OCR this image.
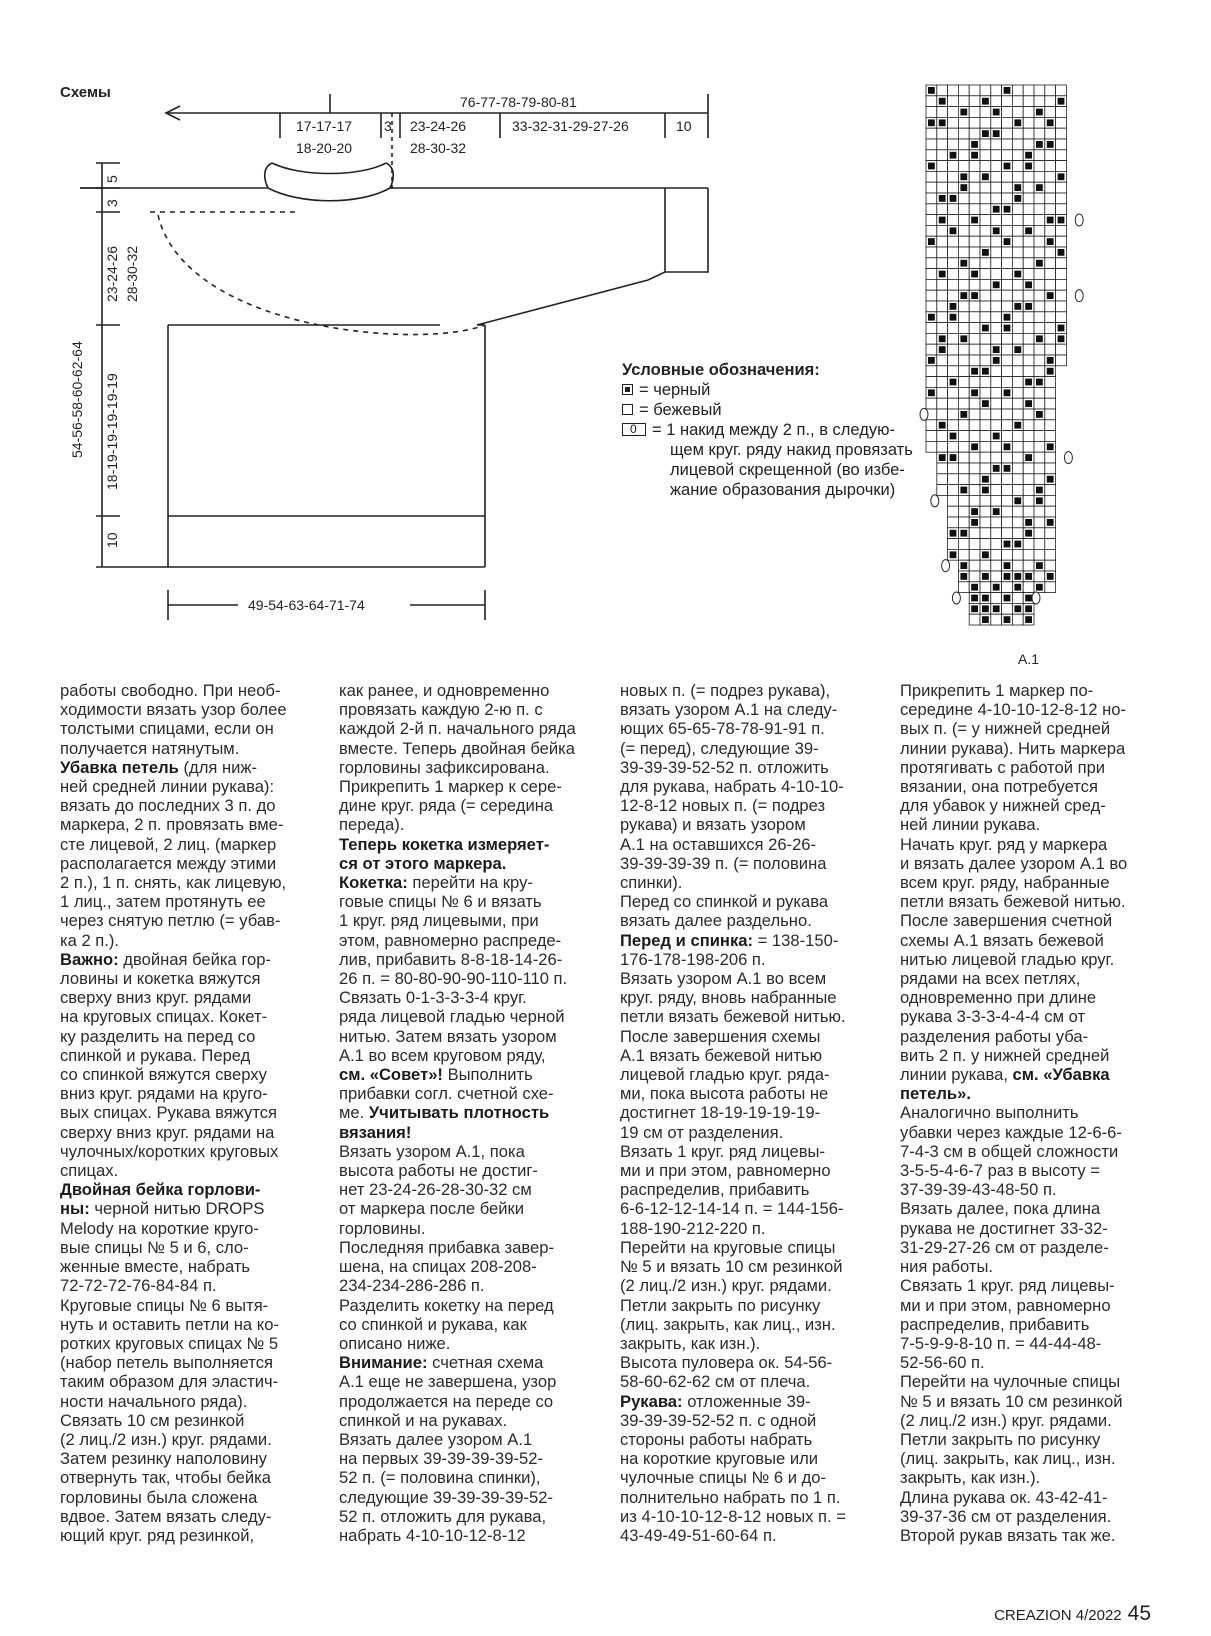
Схемы
76-77-78-79-80-81
17-17-17
18-20-20
3 23-24-26
28-30-32
33-32-31-29-27-26	10
5
3
23-24-26 28-30-32
18-19-19-19-19-19
10
54-56-58-60-62-64
49-54-63-64-71-74
A.1
Условные обозначения:
= черный
= бежевый
0 = 1 накид между 2 п., в следую-
щем круг. ряду накид провязать
лицевой скрещенной (во избе-
жание образования дырочки)

работы свободно. При необ-

ходимости вязать узор более

толстыми спицами, если он

получается натянутым.

Убавка петель (для ниж-

ней средней линии рукава):

вязать до последних 3 п. до

маркера, 2 п. провязать вме-

сте лицевой, 2 лиц. (маркер

располагается между этими

2 п.), 1 п. снять, как лицевую,

1 лиц., затем протянуть ее

через снятую петлю (= убав-

ка 2 п.).

Важно: двойная бейка гор-

ловины и кокетка вяжутся

сверху вниз круг. рядами

на круговых спицах. Кокет-

ку разделить на перед со

спинкой и рукава. Перед

со спинкой вяжутся сверху

вниз круг. рядами на круго-

вых спицах. Рукава вяжутся

сверху вниз круг. рядами на

чулочных/коротких круговых

спицах.

Двойная бейка горлови-

ны: черной нитью DROPS

Melody на короткие круго-

вые спицы № 5 и 6, сло-

женные вместе, набрать

72-72-72-76-84-84 п.

Круговые спицы № 6 вытя-

нуть и оставить петли на ко-

ротких круговых спицах № 5

(набор петель выполняется

таким образом для эластич-

ности начального ряда).

Связать 10 см резинкой

(2 лиц./2 изн.) круг. рядами.

Затем резинку наполовину

отвернуть так, чтобы бейка

горловины была сложена

вдвое. Затем вязать следу-

ющий круг. ряд резинкой,

как ранее, и одновременно

провязать каждую 2-ю п. с

каждой 2-й п. начального ряда

вместе. Теперь двойная бейка

горловины зафиксирована.

Прикрепить 1 маркер к сере-

дине круг. ряда (= середина

переда).

Теперь кокетка измеряет-

ся от этого маркера.

Кокетка: перейти на кру-

говые спицы № 6 и вязать

1 круг. ряд лицевыми, при

этом, равномерно распреде-

лив, прибавить 8-8-18-14-26-

26 п. = 80-80-90-90-110-110 п.

Связать 0-1-3-3-3-4 круг.

ряда лицевой гладью черной

нитью. Затем вязать узором

А.1 во всем круговом ряду,

см. «Совет»! Выполнить

прибавки согл. счетной схе-

ме. Учитывать плотность

вязания!

Вязать узором А.1, пока

высота работы не достиг-

нет 23-24-26-28-30-32 см

от маркера после бейки

горловины.

Последняя прибавка завер-

шена, на спицах 208-208-

234-234-286-286 п.

Разделить кокетку на перед

со спинкой и рукава, как

описано ниже.

Внимание: счетная схема

А.1 еще не завершена, узор

продолжается на переде со

спинкой и на рукавах.

Вязать далее узором А.1

на первых 39-39-39-39-52-

52 п. (= половина спинки),

следующие 39-39-39-39-52-

52 п. отложить для рукава,

набрать 4-10-10-12-8-12

новых п. (= подрез рукава),

вязать узором А.1 на следу-

ющих 65-65-78-78-91-91 п.

(= перед), следующие 39-

39-39-39-52-52 п. отложить

для рукава, набрать 4-10-10-

12-8-12 новых п. (= подрез

рукава) и вязать узором

А.1 на оставшихся 26-26-

39-39-39-39 п. (= половина

спинки).

Перед со спинкой и рукава

вязать далее раздельно.

Перед и спинка: = 138-150-

176-178-198-206 п.

Вязать узором А.1 во всем

круг. ряду, вновь набранные

петли вязать бежевой нитью.

После завершения схемы

А.1 вязать бежевой нитью

лицевой гладью круг. ряда-

ми, пока высота работы не

достигнет 18-19-19-19-19-

19 см от разделения.

Вязать 1 круг. ряд лицевы-

ми и при этом, равномерно

распределив, прибавить

6-6-12-12-14-14 п. = 144-156-

188-190-212-220 п.

Перейти на круговые спицы

№ 5 и вязать 10 см резинкой

(2 лиц./2 изн.) круг. рядами.

Петли закрыть по рисунку

(лиц. закрыть, как лиц., изн.

закрыть, как изн.).

Высота пуловера ок. 54-56-

58-60-62-62 см от плеча.

Рукава: отложенные 39-

39-39-39-52-52 п. с одной

стороны работы набрать

на короткие круговые или

чулочные спицы № 6 и до-

полнительно набрать по 1 п.

из 4-10-10-12-8-12 новых п. =

43-49-49-51-60-64 п.

Прикрепить 1 маркер по-

середине 4-10-10-12-8-12 но-

вых п. (= у нижней средней

линии рукава). Нить маркера

протягивать с работой при

вязании, она потребуется

для убавок у нижней сред-

ней линии рукава.

Начать круг. ряд у маркера

и вязать далее узором А.1 во

всем круг. ряду, набранные

петли вязать бежевой нитью.

После завершения счетной

схемы А.1 вязать бежевой

нитью лицевой гладью круг.

рядами на всех петлях,

одновременно при длине

рукава 3-3-3-4-4-4 см от

разделения работы уба-

вить 2 п. у нижней средней

линии рукава, см. «Убавка

петель».

Аналогично выполнить

убавки через каждые 12-6-6-

7-4-3 см в общей сложности

3-5-5-4-6-7 раз в высоту =

37-39-39-43-48-50 п.

Вязать далее, пока длина

рукава не достигнет 33-32-

31-29-27-26 см от разделе-

ния работы.

Связать 1 круг. ряд лицевы-

ми и при этом, равномерно

распределив, прибавить

7-5-9-9-8-10 п. = 44-44-48-

52-56-60 п.

Перейти на чулочные спицы

№ 5 и вязать 10 см резинкой

(2 лиц./2 изн.) круг. рядами.

Петли закрыть по рисунку

(лиц. закрыть, как лиц., изн.

закрыть, как изн.).

Длина рукава ок. 43-42-41-

39-37-36 см от разделения.

Второй рукав вязать так же.

CREAZION 4/2022 45
